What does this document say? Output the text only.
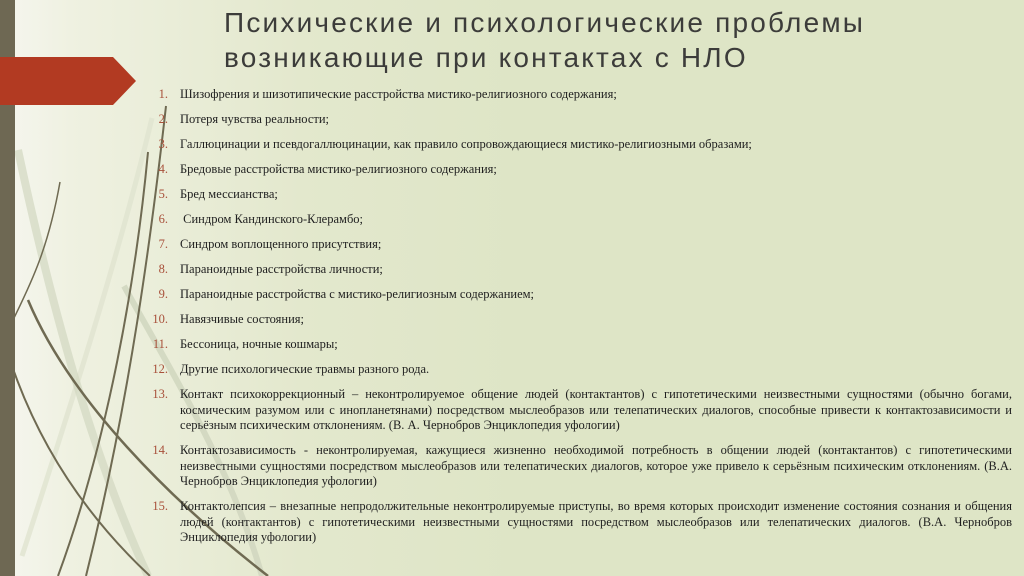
Психические и психологические проблемы
возникающие при контактах с НЛО
1. Шизофрения и шизотипические расстройства мистико-религиозного содержания;
2. Потеря чувства реальности;
3. Галлюцинации и псевдогаллюцинации, как правило сопровождающиеся мистико-религиозными образами;
4. Бредовые расстройства мистико-религиозного содержания;
5. Бред мессианства;
6. Синдром Кандинского-Клерамбо;
7. Синдром воплощенного присутствия;
8. Параноидные расстройства личности;
9. Параноидные расстройства с мистико-религиозным содержанием;
10. Навязчивые состояния;
11. Бессоница, ночные кошмары;
12. Другие психологические травмы разного рода.
13. Контакт психокоррекционный – неконтролируемое общение людей (контактантов) с гипотетическими неизвестными сущностями (обычно богами, космическим разумом или с инопланетянами) посредством мыслеобразов или телепатических диалогов, способные привести к контактозависимости и серьёзным психическим отклонениям. (В. А. Чернобров Энциклопедия уфологии)
14. Контактозависимость - неконтролируемая, кажущиеся жизненно необходимой потребность в общении людей (контактантов) с гипотетическими неизвестными сущностями посредством мыслеобразов или телепатических диалогов, которое уже привело к серьёзным психическим отклонениям. (В.А. Чернобров Энциклопедия уфологии)
15. Контактолепсия – внезапные непродолжительные неконтролируемые приступы, во время которых происходит изменение состояния сознания и общения людей (контактантов) с гипотетическими неизвестными сущностями посредством мыслеобразов или телепатических диалогов. (В.А. Чернобров Энциклопедия уфологии)
